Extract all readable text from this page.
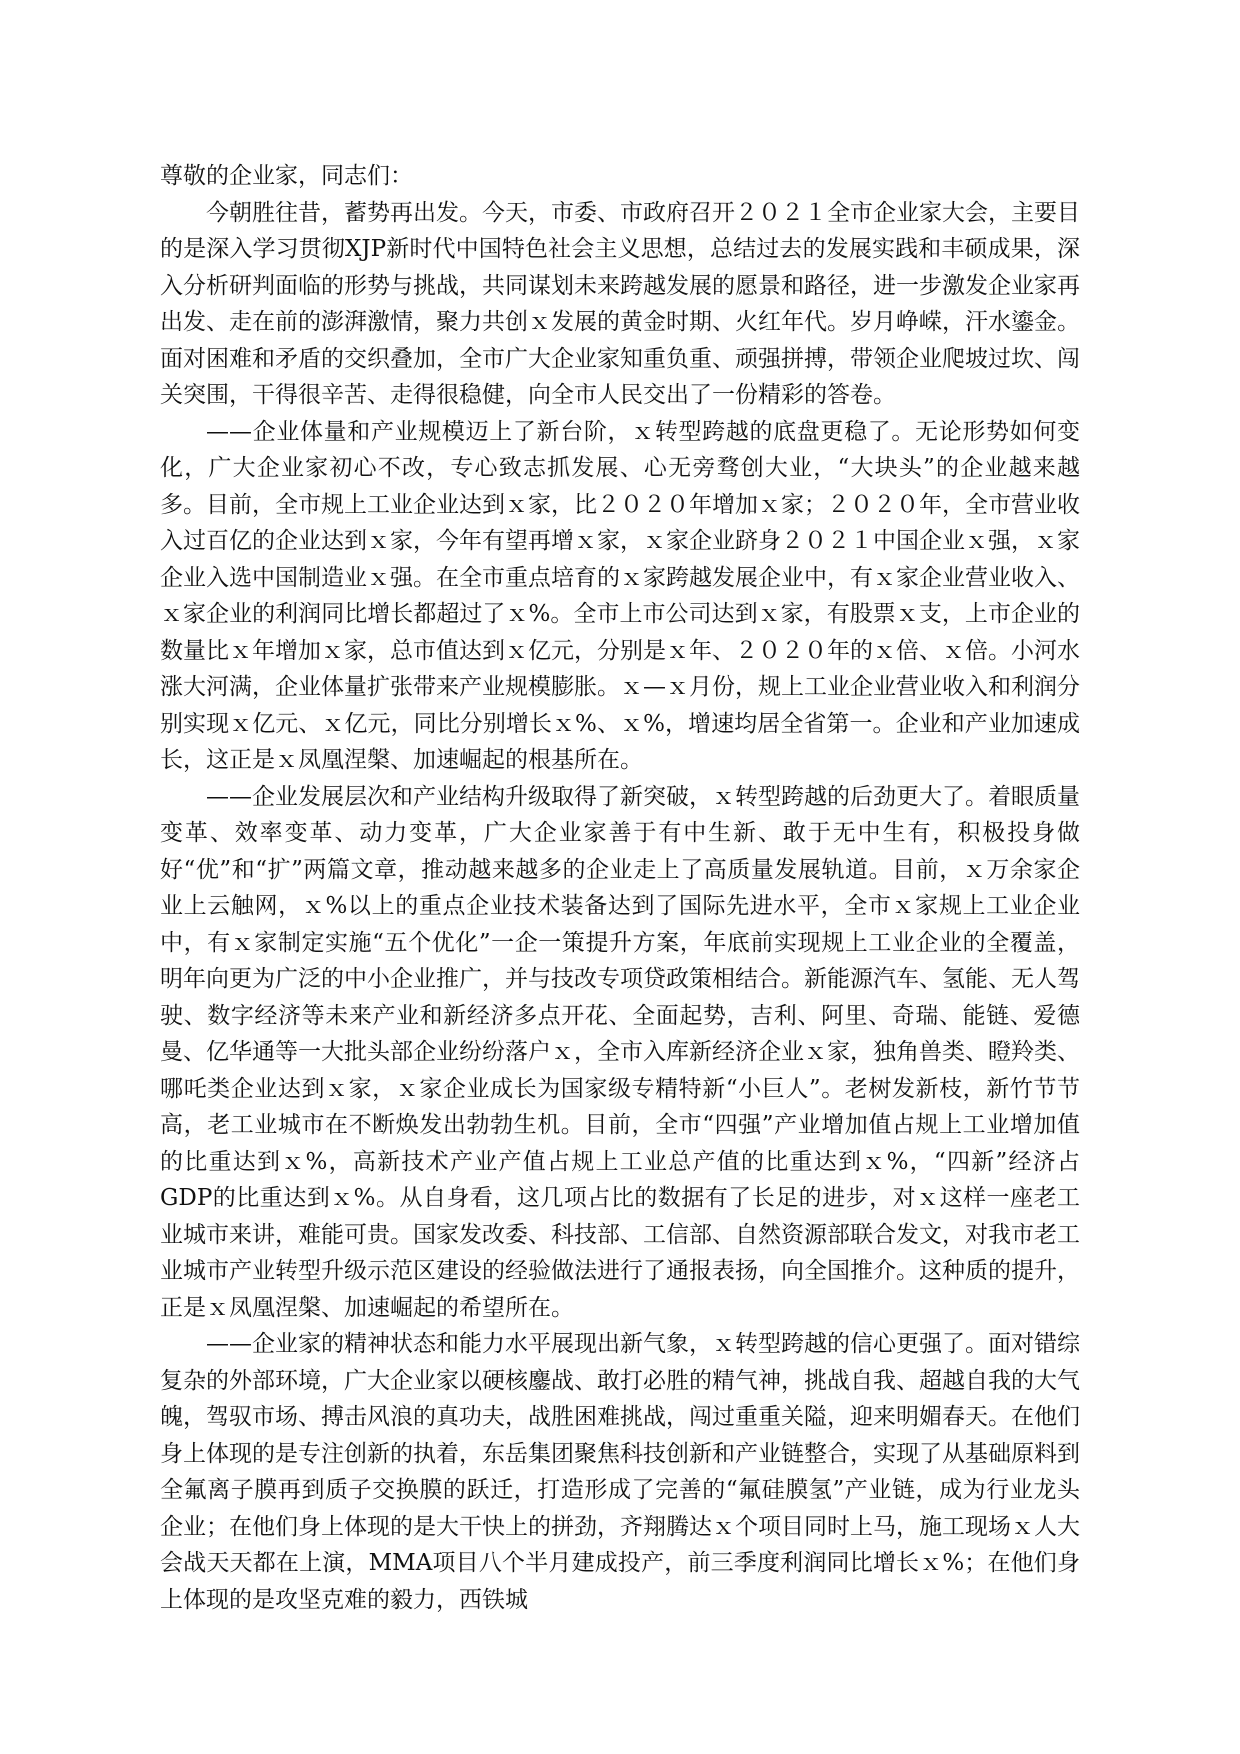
尊敬的企业家，同志们：

今朝胜往昔，蓄势再出发。今天，市委、市政府召开２０２１全市企业家大会，主要目的是深入学习贯彻XJP新时代中国特色社会主义思想，总结过去的发展实践和丰硕成果，深入分析研判面临的形势与挑战，共同谋划未来跨越发展的愿景和路径，进一步激发企业家再出发、走在前的澎湃激情，聚力共创ｘ发展的黄金时期、火红年代。岁月峥嵘，汗水鎏金。面对困难和矛盾的交织叠加，全市广大企业家知重负重、顽强拼搏，带领企业爬坡过坎、闯关突围，干得很辛苦、走得很稳健，向全市人民交出了一份精彩的答卷。

——企业体量和产业规模迈上了新台阶，ｘ转型跨越的底盘更稳了。无论形势如何变化，广大企业家初心不改，专心致志抓发展、心无旁骛创大业，“大块头”的企业越来越多。目前，全市规上工业企业达到ｘ家，比２０２０年增加ｘ家；２０２０年，全市营业收入过百亿的企业达到ｘ家，今年有望再增ｘ家，ｘ家企业跻身２０２１中国企业ｘ强，ｘ家企业入选中国制造业ｘ强。在全市重点培育的ｘ家跨越发展企业中，有ｘ家企业营业收入、ｘ家企业的利润同比增长都超过了ｘ%。全市上市公司达到ｘ家，有股票ｘ支，上市企业的数量比ｘ年增加ｘ家，总市值达到ｘ亿元，分别是ｘ年、２０２０年的ｘ倍、ｘ倍。小河水涨大河满，企业体量扩张带来产业规模膨胀。ｘ—ｘ月份，规上工业企业营业收入和利润分别实现ｘ亿元、ｘ亿元，同比分别增长ｘ%、ｘ%，增速均居全省第一。企业和产业加速成长，这正是ｘ凤凰涅槃、加速崛起的根基所在。

——企业发展层次和产业结构升级取得了新突破，ｘ转型跨越的后劲更大了。着眼质量变革、效率变革、动力变革，广大企业家善于有中生新、敢于无中生有，积极投身做好“优”和“扩”两篇文章，推动越来越多的企业走上了高质量发展轨道。目前，ｘ万余家企业上云触网，ｘ%以上的重点企业技术装备达到了国际先进水平，全市ｘ家规上工业企业中，有ｘ家制定实施“五个优化”一企一策提升方案，年底前实现规上工业企业的全覆盖，明年向更为广泛的中小企业推广，并与技改专项贷政策相结合。新能源汽车、氢能、无人驾驶、数字经济等未来产业和新经济多点开花、全面起势，吉利、阿里、奇瑞、能链、爱德曼、亿华通等一大批头部企业纷纷落户ｘ，全市入库新经济企业ｘ家，独角兽类、瞪羚类、哪吒类企业达到ｘ家，ｘ家企业成长为国家级专精特新“小巨人”。老树发新枝，新竹节节高，老工业城市在不断焕发出勃勃生机。目前，全市“四强”产业增加值占规上工业增加值的比重达到ｘ%，高新技术产业产值占规上工业总产值的比重达到ｘ%，“四新”经济占GDP的比重达到ｘ%。从自身看，这几项占比的数据有了长足的进步，对ｘ这样一座老工业城市来讲，难能可贵。国家发改委、科技部、工信部、自然资源部联合发文，对我市老工业城市产业转型升级示范区建设的经验做法进行了通报表扬，向全国推介。这种质的提升，正是ｘ凤凰涅槃、加速崛起的希望所在。

——企业家的精神状态和能力水平展现出新气象，ｘ转型跨越的信心更强了。面对错综复杂的外部环境，广大企业家以硬核鏖战、敢打必胜的精气神，挑战自我、超越自我的大气魄，驾驭市场、搏击风浪的真功夫，战胜困难挑战，闯过重重关隘，迎来明媚春天。在他们身上体现的是专注创新的执着，东岳集团聚焦科技创新和产业链整合，实现了从基础原料到全氟离子膜再到质子交换膜的跃迁，打造形成了完善的“氟硅膜氢”产业链，成为行业龙头企业；在他们身上体现的是大干快上的拼劲，齐翔腾达ｘ个项目同时上马，施工现场ｘ人大会战天天都在上演，MMA项目八个半月建成投产，前三季度利润同比增长ｘ%；在他们身上体现的是攻坚克难的毅力，西铁城
